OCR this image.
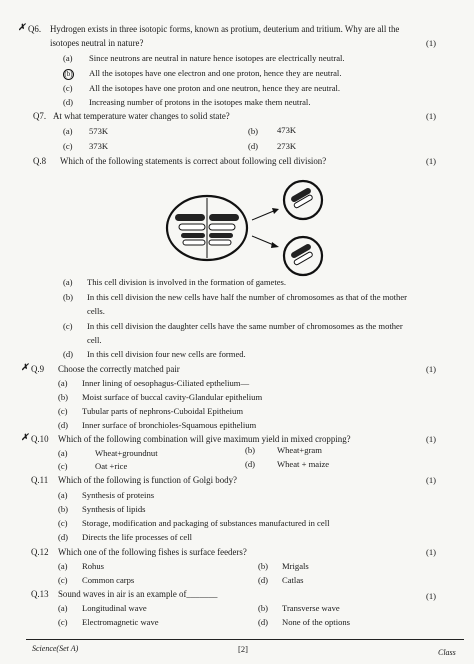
✗ Q6. Hydrogen exists in three isotopic forms, known as protium, deuterium and tritium. Why are all the
isotopes neutral in nature?	(1)
(a) Since neutrons are neutral in nature hence isotopes are electrically neutral.
(b) All the isotopes have one electron and one proton, hence they are neutral.
(c) All the isotopes have one proton and one neutron, hence they are neutral.
(d) Increasing number of protons in the isotopes make them neutral.
Q7. At what temperature water changes to solid state?	(1)
(a) 573K	(b) 473K
(c) 373K	(d) 273K
Q.8 Which of the following statements is correct about following cell division?	(1)
(a) This cell division is involved in the formation of gametes.
(b) In this cell division the new cells have half the number of chromosomes as that of the mother
cells.
(c) In this cell division the daughter cells have the same number of chromosomes as the mother
cell.
(d) In this cell division four new cells are formed.
✗ Q.9 Choose the correctly matched pair	(1)
(a) Inner lining of oesophagus-Ciliated epthelium—
(b) Moist surface of buccal cavity-Glandular epithelium
(c) Tubular parts of nephrons-Cuboidal Epitheium
(d) Inner surface of bronchioles-Squamous epithelium
✗ Q.10 Which of the following combination will give maximum yield in mixed cropping?	(1)
(a)	Wheat+groundnut	(b)	Wheat+gram
(c)	Oat +rice	(d)	Wheat + maize
Q.11 Which of the following is function of Golgi body?	(1)
(a) Synthesis of proteins
(b) Synthesis of lipids
(c) Storage, modification and packaging of substances manufactured in cell
(d) Directs the life processes of cell
Q.12 Which one of the following fishes is surface feeders?	(1)
(a) Rohus	(b) Mrigals
(c) Common carps	(d) Catlas
Q.13 Sound waves in air is an example of_______	(1)
(a) Longitudinal wave	(b) Transverse wave
(c) Electromagnetic wave	(d) None of the options
Science(Set A)	[2]	Class
